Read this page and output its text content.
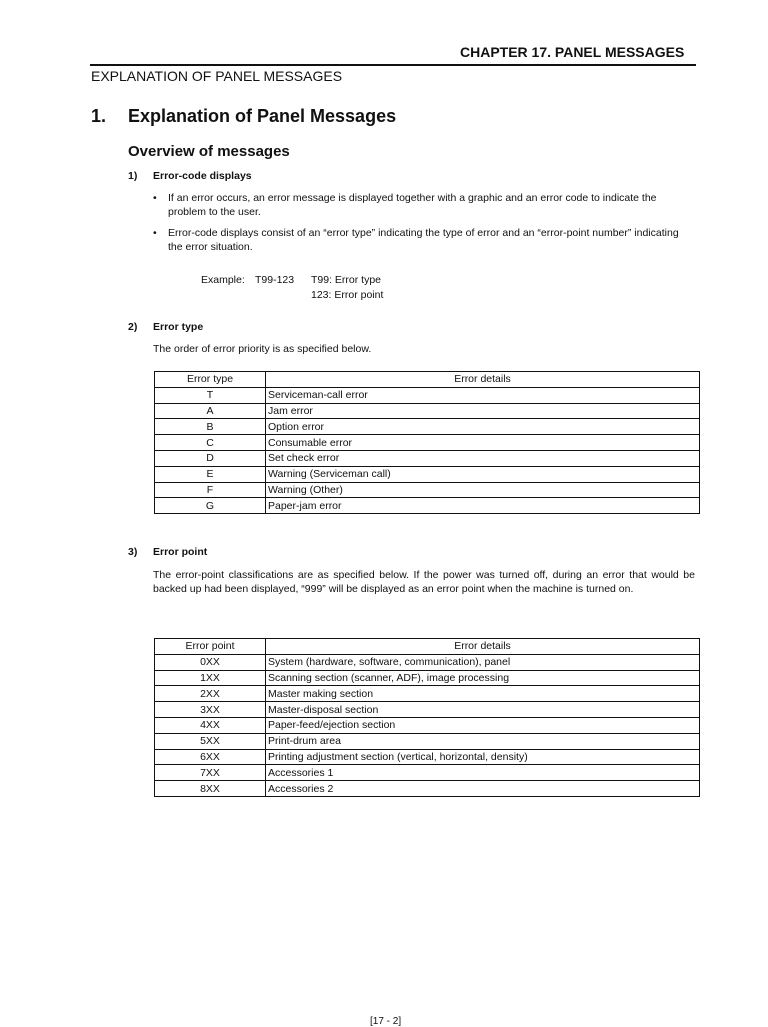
CHAPTER 17. PANEL MESSAGES
EXPLANATION OF PANEL MESSAGES
1. Explanation of Panel Messages
Overview of messages
1) Error-code displays
• If an error occurs, an error message is displayed together with a graphic and an error code to indicate the problem to the user.
• Error-code displays consist of an “error type” indicating the type of error and an “error-point number” indicating the error situation.
Example: T99-123 T99: Error type
123: Error point
2) Error type
The order of error priority is as specified below.
Error type	Error details
T	Serviceman-call error
A	Jam error
B	Option error
C	Consumable error
D	Set check error
E	Warning (Serviceman call)
F	Warning (Other)
G	Paper-jam error
3) Error point
The error-point classifications are as specified below. If the power was turned off, during an error that would be backed up had been displayed, “999” will be displayed as an error point when the machine is turned on.
Error point	Error details
0XX	System (hardware, software, communication), panel
1XX	Scanning section (scanner, ADF), image processing
2XX	Master making section
3XX	Master-disposal section
4XX	Paper-feed/ejection section
5XX	Print-drum area
6XX	Printing adjustment section (vertical, horizontal, density)
7XX	Accessories 1
8XX	Accessories 2
[17 - 2]
